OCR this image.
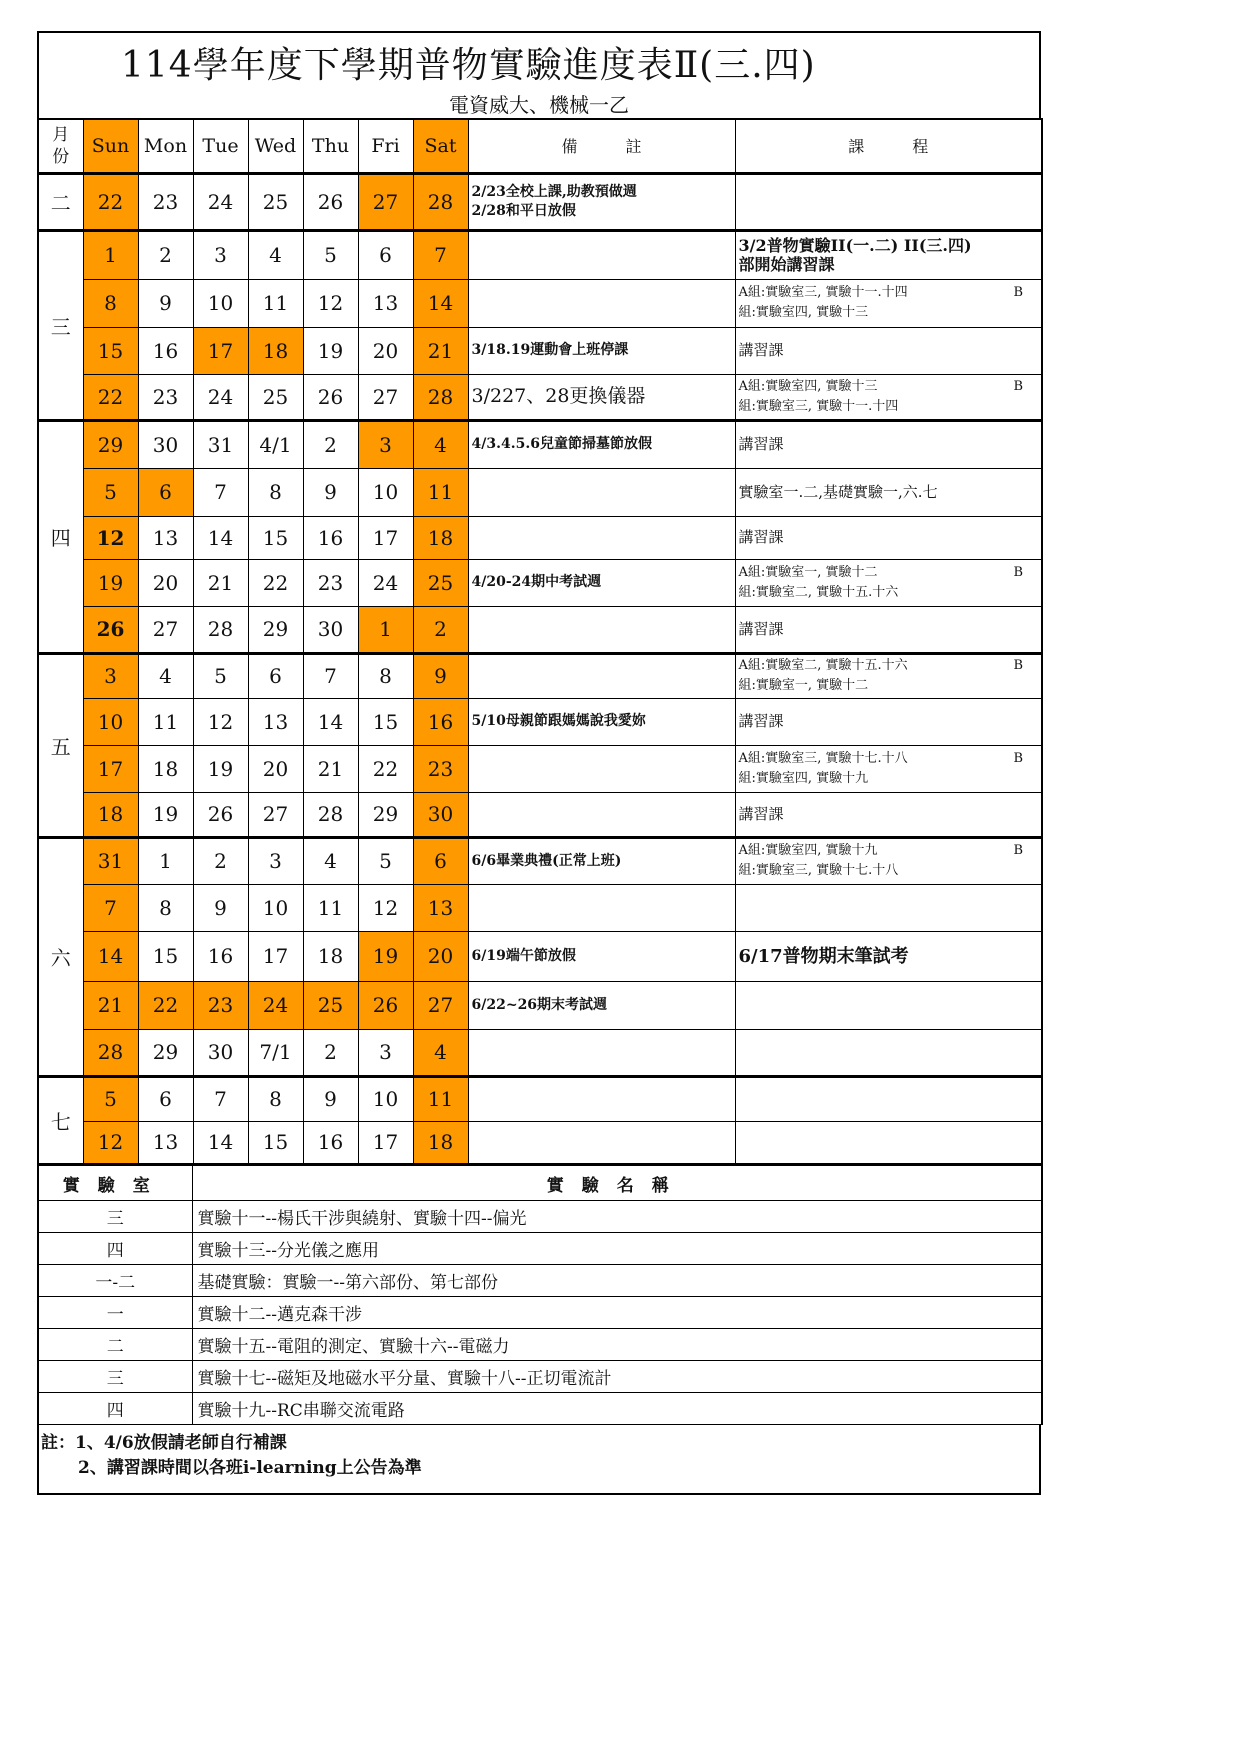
114學年度下學期普物實驗進度表Ⅱ(三.四)
電資威大、機械一乙
月份	Sun	Mon	Tue	Wed	Thu	Fri	Sat	備　　　註	課　　　程
二	22	23	24	25	26	27	28	2/23全校上課,助教預做週
2/28和平日放假	

三	1	2	3	4	5	6	7		3/2普物實驗II(一.二) II(三.四)
部開始講習課

	8	9	10	11	12	13	14		A組:實驗室三, 實驗十一.十四 B
組:實驗室四, 實驗十三

	15	16	17	18	19	20	21	3/18.19運動會上班停課	講習課

	22	23	24	25	26	27	28	3/227、28更換儀器	A組:實驗室四, 實驗十三 B
組:實驗室三, 實驗十一.十四

四	29	30	31	4/1	2	3	4	4/3.4.5.6兒童節掃墓節放假	講習課

	5	6	7	8	9	10	11		實驗室一.二,基礎實驗一,六.七

	12	13	14	15	16	17	18		講習課

	19	20	21	22	23	24	25	4/20-24期中考試週	A組:實驗室一, 實驗十二 B
組:實驗室二, 實驗十五.十六

	26	27	28	29	30	1	2		講習課

五	3	4	5	6	7	8	9		A組:實驗室二, 實驗十五.十六 B
組:實驗室一, 實驗十二

	10	11	12	13	14	15	16	5/10母親節跟媽媽說我愛妳	講習課

	17	18	19	20	21	22	23		A組:實驗室三, 實驗十七.十八 B
組:實驗室四, 實驗十九

	18	19	26	27	28	29	30		講習課

六	31	1	2	3	4	5	6	6/6畢業典禮(正常上班)	A組:實驗室四, 實驗十九 B
組:實驗室三, 實驗十七.十八

	7	8	9	10	11	12	13		
	14	15	16	17	18	19	20	6/19端午節放假	6/17普物期末筆試考

	21	22	23	24	25	26	27	6/22~26期末考試週	

	28	29	30	7/1	2	3	4		
七	5	6	7	8	9	10	11		
	12	13	14	15	16	17	18		
實驗室	實驗名稱
三	實驗十一--楊氏干涉與繞射、實驗十四--偏光
四	實驗十三--分光儀之應用
一-二	基礎實驗：實驗一--第六部份、第七部份
一	實驗十二--邁克森干涉
二	實驗十五--電阻的測定、實驗十六--電磁力
三	實驗十七--磁矩及地磁水平分量、實驗十八--正切電流計
四	實驗十九--RC串聯交流電路
註：1、4/6放假請老師自行補課
2、講習課時間以各班i-learning上公告為準
